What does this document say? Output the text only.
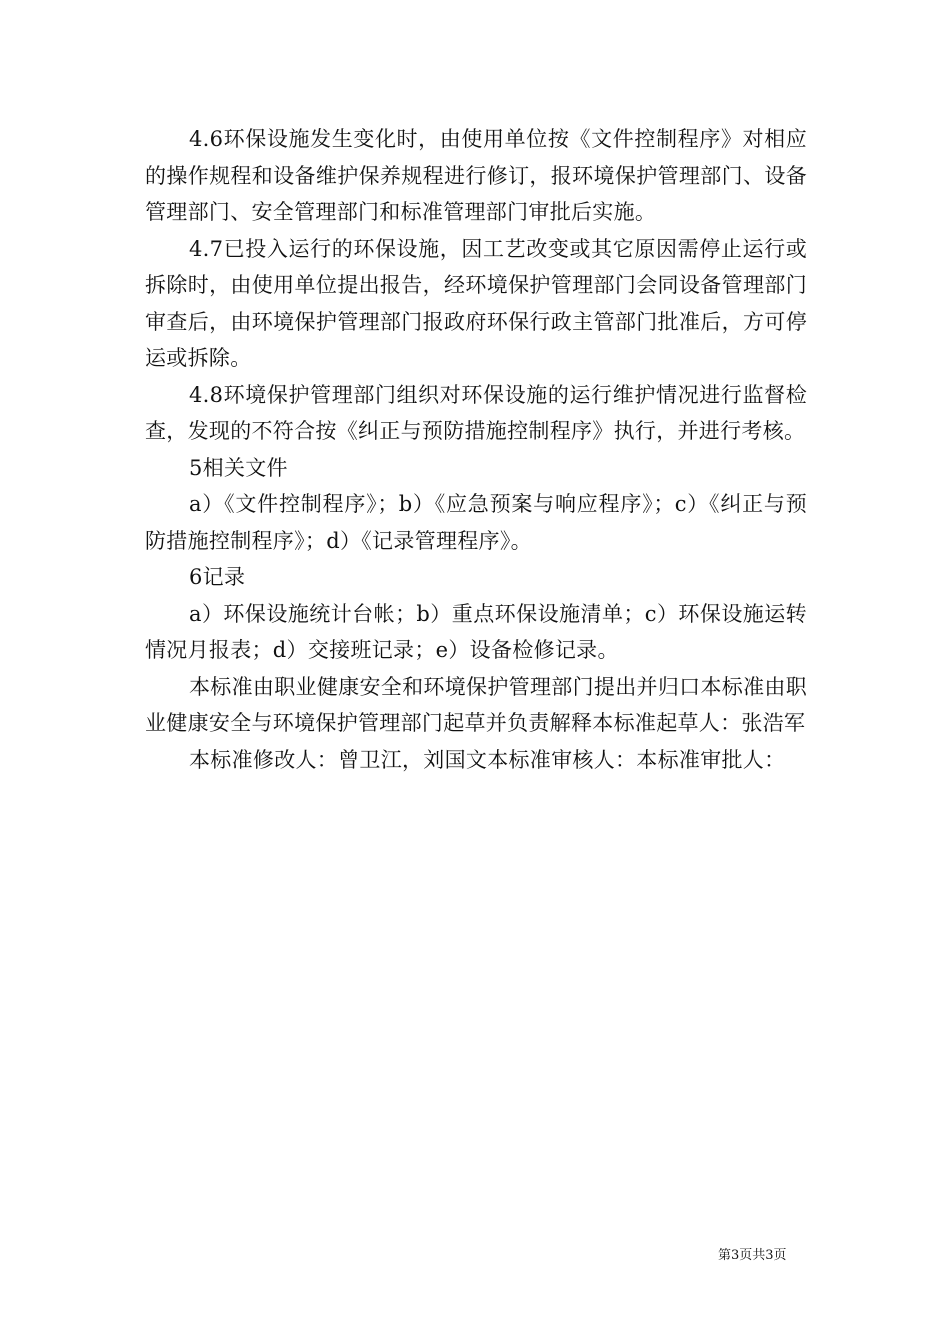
4.6环保设施发生变化时，由使用单位按《文件控制程序》对相应的操作规程和设备维护保养规程进行修订，报环境保护管理部门、设备管理部门、安全管理部门和标准管理部门审批后实施。

4.7已投入运行的环保设施，因工艺改变或其它原因需停止运行或拆除时，由使用单位提出报告，经环境保护管理部门会同设备管理部门审查后，由环境保护管理部门报政府环保行政主管部门批准后，方可停运或拆除。

4.8环境保护管理部门组织对环保设施的运行维护情况进行监督检查，发现的不符合按《纠正与预防措施控制程序》执行，并进行考核。

5相关文件

a）《文件控制程序》；b）《应急预案与响应程序》；c）《纠正与预防措施控制程序》；d）《记录管理程序》。

6记录

a）环保设施统计台帐；b）重点环保设施清单；c）环保设施运转情况月报表；d）交接班记录；e）设备检修记录。

本标准由职业健康安全和环境保护管理部门提出并归口本标准由职业健康安全与环境保护管理部门起草并负责解释本标准起草人：张浩军

本标准修改人：曾卫江，刘国文本标准审核人：本标准审批人：

第3页共3页
